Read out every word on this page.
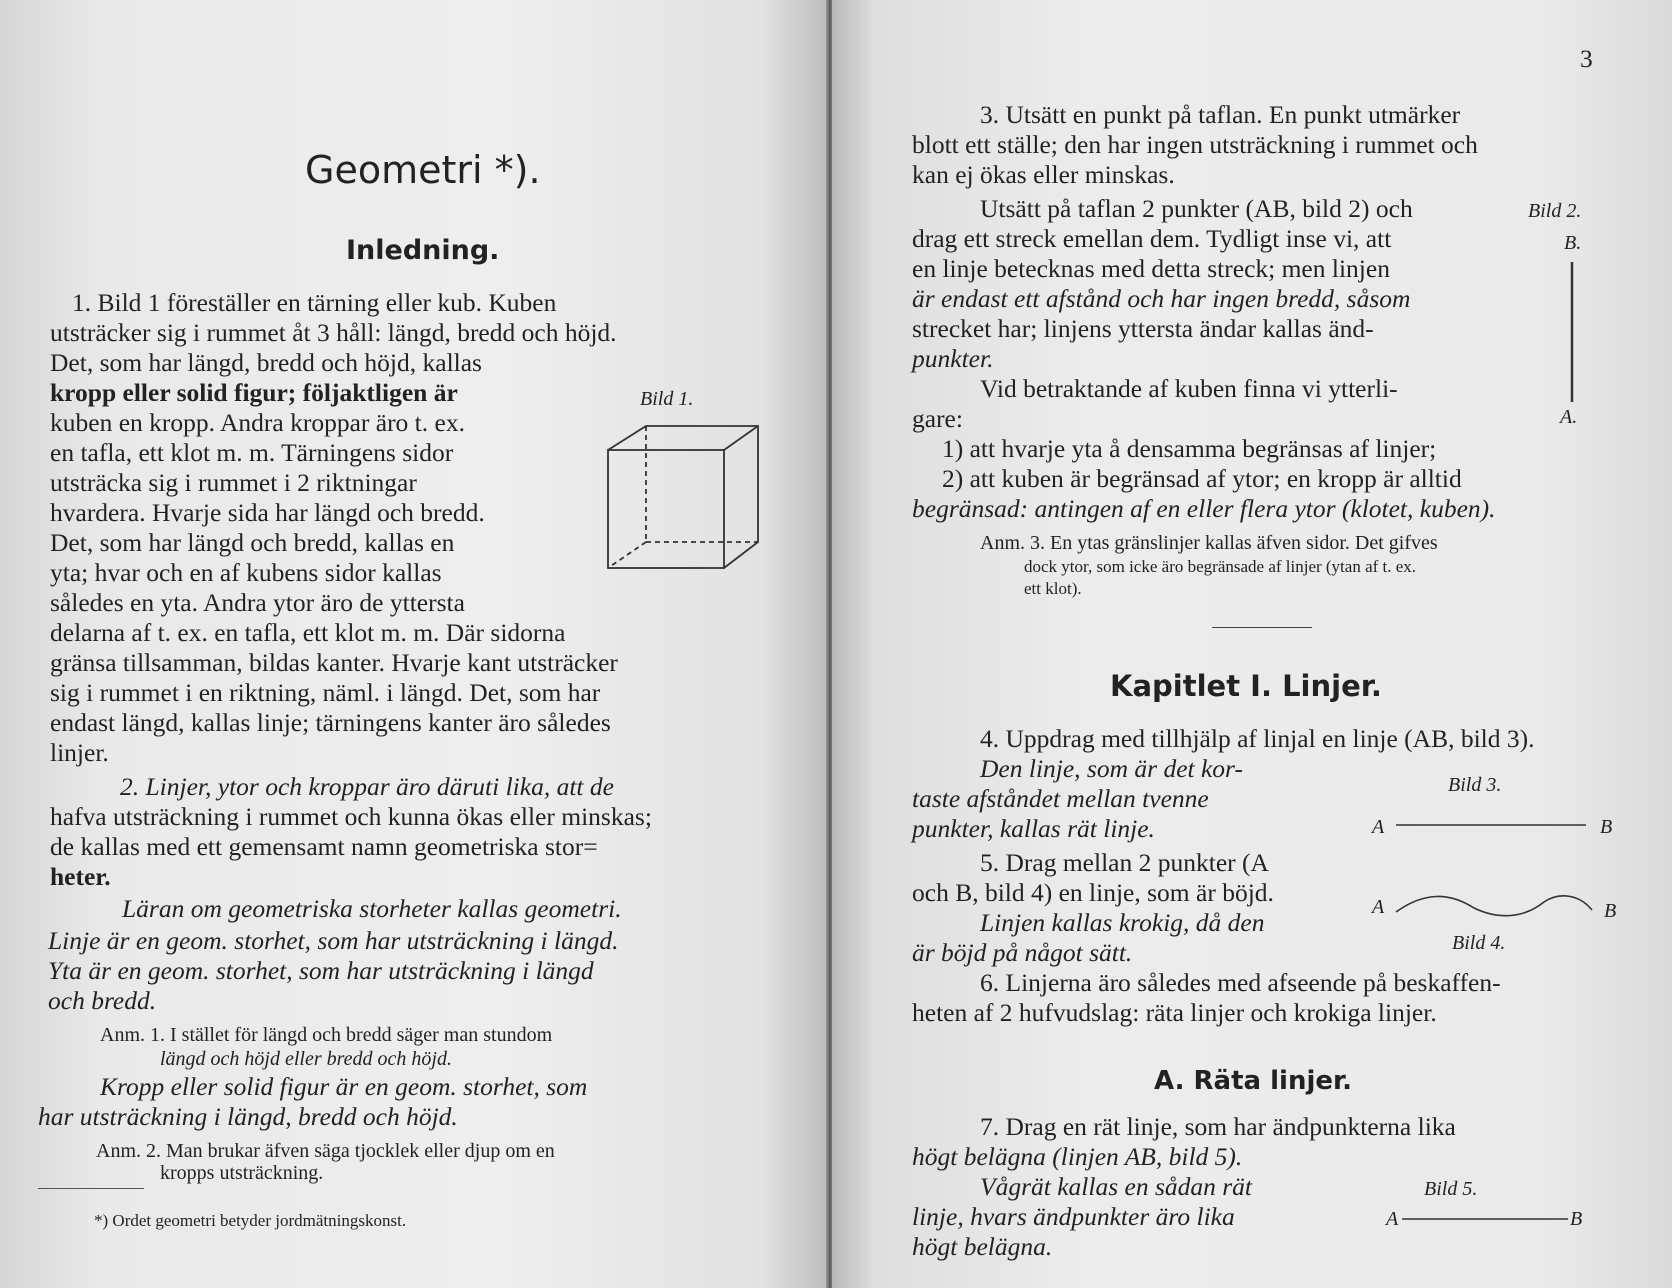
Geometri *).
Inledning.
1. Bild 1 föreställer en tärning eller kub. Kuben
utsträcker sig i rummet åt 3 håll: längd, bredd och höjd.
Det, som har längd, bredd och höjd, kallas
kropp eller solid figur; följaktligen är
kuben en kropp. Andra kroppar äro t. ex.
en tafla, ett klot m. m. Tärningens sidor
utsträcka sig i rummet i 2 riktningar
hvardera. Hvarje sida har längd och bredd.
Det, som har längd och bredd, kallas en
yta; hvar och en af kubens sidor kallas
således en yta. Andra ytor äro de yttersta
delarna af t. ex. en tafla, ett klot m. m. Där sidorna
gränsa tillsamman, bildas kanter. Hvarje kant utsträcker
sig i rummet i en riktning, näml. i längd. Det, som har
endast längd, kallas linje; tärningens kanter äro således
linjer.
2. Linjer, ytor och kroppar äro däruti lika, att de
hafva utsträckning i rummet och kunna ökas eller minskas;
de kallas med ett gemensamt namn geometriska stor=
heter.
Läran om geometriska storheter kallas geometri.
Linje är en geom. storhet, som har utsträckning i längd.
Yta är en geom. storhet, som har utsträckning i längd
och bredd.
Anm. 1. I stället för längd och bredd säger man stundom
längd och höjd eller bredd och höjd.
Kropp eller solid figur är en geom. storhet, som
har utsträckning i längd, bredd och höjd.
Anm. 2. Man brukar äfven säga tjocklek eller djup om en
kropps utsträckning.
*) Ordet geometri betyder jordmätningskonst.
Bild 1.
3
3. Utsätt en punkt på taflan. En punkt utmärker
blott ett ställe; den har ingen utsträckning i rummet och
kan ej ökas eller minskas.
Utsätt på taflan 2 punkter (AB, bild 2) och
drag ett streck emellan dem. Tydligt inse vi, att
en linje betecknas med detta streck; men linjen
är endast ett afstånd och har ingen bredd, såsom
strecket har; linjens yttersta ändar kallas änd-
punkter.
Vid betraktande af kuben finna vi ytterli-
gare:
1) att hvarje yta å densamma begränsas af linjer;
2) att kuben är begränsad af ytor; en kropp är alltid
begränsad: antingen af en eller flera ytor (klotet, kuben).
Anm. 3. En ytas gränslinjer kallas äfven sidor. Det gifves
dock ytor, som icke äro begränsade af linjer (ytan af t. ex.
ett klot).
Bild 2.
B.
A.
Kapitlet I. Linjer.
4. Uppdrag med tillhjälp af linjal en linje (AB, bild 3).
Den linje, som är det kor-
taste afståndet mellan tvenne
punkter, kallas rät linje.
5. Drag mellan 2 punkter (A
och B, bild 4) en linje, som är böjd.
Linjen kallas krokig, då den
är böjd på något sätt.
6. Linjerna äro således med afseende på beskaffen-
heten af 2 hufvudslag: räta linjer och krokiga linjer.
Bild 3.
A	B
A	B
Bild 4.
A. Räta linjer.
7. Drag en rät linje, som har ändpunkterna lika
högt belägna (linjen AB, bild 5).
Vågrät kallas en sådan rät
linje, hvars ändpunkter äro lika
högt belägna.
Bild 5.
A	B
